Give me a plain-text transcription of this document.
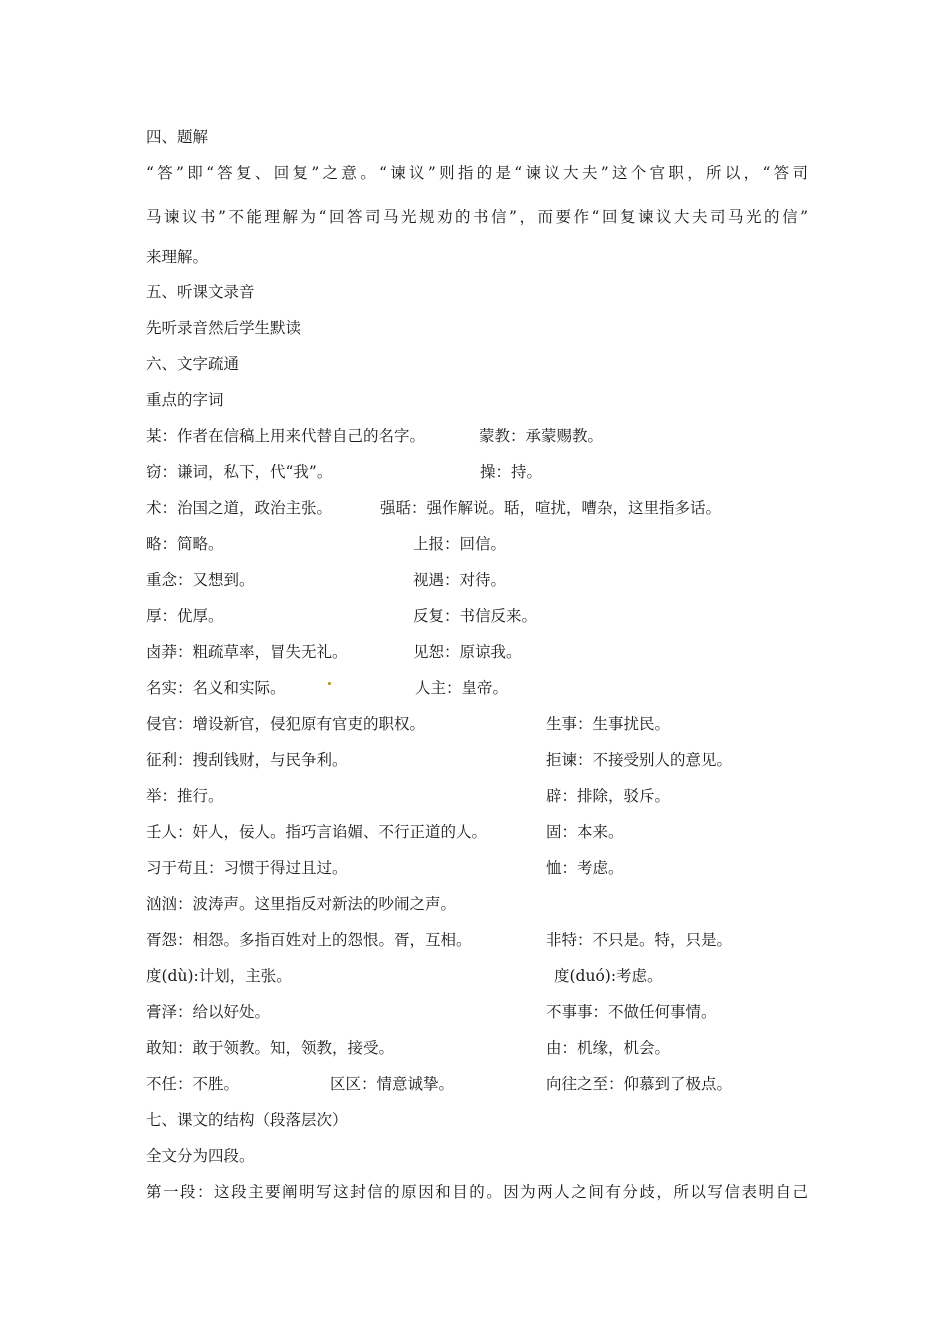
四、题解
“答”即“答复、回复”之意。“谏议”则指的是“谏议大夫”这个官职，所以，“答司
马谏议书”不能理解为“回答司马光规劝的书信”，而要作“回复谏议大夫司马光的信”
来理解。
五、听课文录音
先听录音然后学生默读
六、文字疏通
重点的字词
某：作者在信稿上用来代替自己的名字。	蒙教：承蒙赐教。
窃：谦词，私下，代“我”。	操：持。
术：治国之道，政治主张。	强聒：强作解说。聒，喧扰，嘈杂，这里指多话。
略：简略。	上报：回信。
重念：又想到。	视遇：对待。
厚：优厚。	反复：书信反来。
卤莽：粗疏草率，冒失无礼。	见恕：原谅我。
名实：名义和实际。	人主：皇帝。
侵官：增设新官，侵犯原有官吏的职权。	生事：生事扰民。
征利：搜刮钱财，与民争利。	拒谏：不接受别人的意见。
举：推行。	辟：排除，驳斥。
壬人：奸人，佞人。指巧言谄媚、不行正道的人。	固：本来。
习于苟且：习惯于得过且过。	恤：考虑。
汹汹：波涛声。这里指反对新法的吵闹之声。
胥怨：相怨。多指百姓对上的怨恨。胥，互相。	非特：不只是。特，只是。
度(dù):计划，主张。	度(duó):考虑。
膏泽：给以好处。	不事事：不做任何事情。
敢知：敢于领教。知，领教，接受。	由：机缘，机会。
不任：不胜。	区区：情意诚挚。	向往之至：仰慕到了极点。
七、课文的结构（段落层次）
全文分为四段。
第一段：这段主要阐明写这封信的原因和目的。因为两人之间有分歧，所以写信表明自己
